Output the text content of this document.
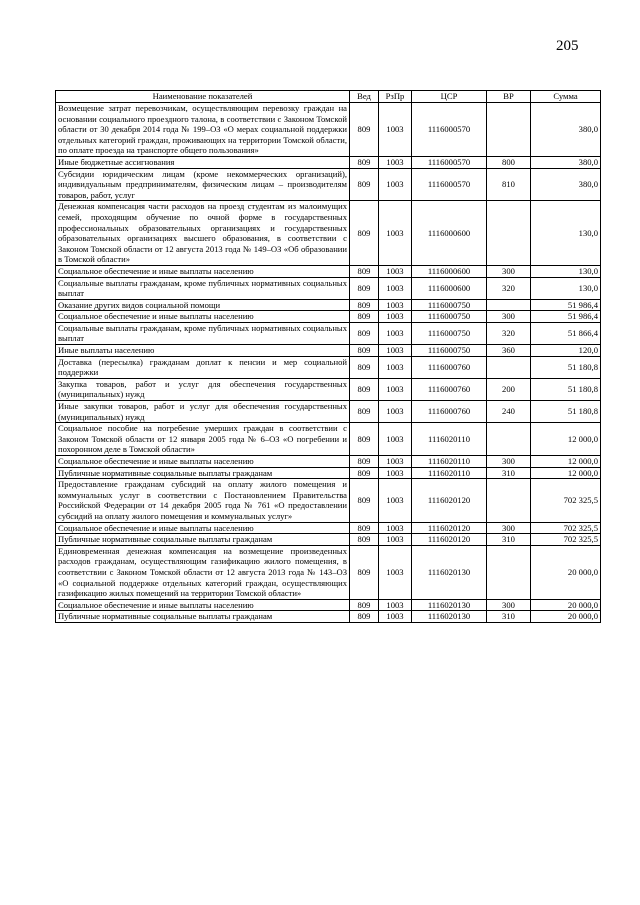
205
Наименование показателей	Вед	РзПр	ЦСР	ВР	Сумма
Возмещение затрат перевозчикам, осуществляющим перевозку граждан на основании социального проездного талона, в соответствии с Законом Томской области от 30 декабря 2014 года № 199–ОЗ «О мерах социальной поддержки отдельных категорий граждан, проживающих на территории Томской области, по оплате проезда на транспорте общего пользования»	809	1003	1116000570		380,0
Иные бюджетные ассигнования	809	1003	1116000570	800	380,0
Субсидии юридическим лицам (кроме некоммерческих организаций), индивидуальным предпринимателям, физическим лицам – производителям товаров, работ, услуг	809	1003	1116000570	810	380,0
Денежная компенсация части расходов на проезд студентам из малоимущих семей, проходящим обучение по очной форме в государственных профессиональных образовательных организациях и государственных образовательных организациях высшего образования, в соответствии с Законом Томской области от 12 августа 2013 года № 149–ОЗ «Об образовании в Томской области»	809	1003	1116000600		130,0
Социальное обеспечение и иные выплаты населению	809	1003	1116000600	300	130,0
Социальные выплаты гражданам, кроме публичных нормативных социальных выплат	809	1003	1116000600	320	130,0
Оказание других видов социальной помощи	809	1003	1116000750		51 986,4
Социальное обеспечение и иные выплаты населению	809	1003	1116000750	300	51 986,4
Социальные выплаты гражданам, кроме публичных нормативных социальных выплат	809	1003	1116000750	320	51 866,4
Иные выплаты населению	809	1003	1116000750	360	120,0
Доставка (пересылка) гражданам доплат к пенсии и мер социальной поддержки	809	1003	1116000760		51 180,8
Закупка товаров, работ и услуг для обеспечения государственных (муниципальных) нужд	809	1003	1116000760	200	51 180,8
Иные закупки товаров, работ и услуг для обеспечения государственных (муниципальных) нужд	809	1003	1116000760	240	51 180,8
Социальное пособие на погребение умерших граждан в соответствии с Законом Томской области от 12 января 2005 года № 6–ОЗ «О погребении и похоронном деле в Томской области»	809	1003	1116020110		12 000,0
Социальное обеспечение и иные выплаты населению	809	1003	1116020110	300	12 000,0
Публичные нормативные социальные выплаты гражданам	809	1003	1116020110	310	12 000,0
Предоставление гражданам субсидий на оплату жилого помещения и коммунальных услуг в соответствии с Постановлением Правительства Российской Федерации от 14 декабря 2005 года № 761 «О предоставлении субсидий на оплату жилого помещения и коммунальных услуг»	809	1003	1116020120		702 325,5
Социальное обеспечение и иные выплаты населению	809	1003	1116020120	300	702 325,5
Публичные нормативные социальные выплаты гражданам	809	1003	1116020120	310	702 325,5
Единовременная денежная компенсация на возмещение произведенных расходов гражданам, осуществляющим газификацию жилого помещения, в соответствии с Законом Томской области от 12 августа 2013 года № 143–ОЗ «О социальной поддержке отдельных категорий граждан, осуществляющих газификацию жилых помещений на территории Томской области»	809	1003	1116020130		20 000,0
Социальное обеспечение и иные выплаты населению	809	1003	1116020130	300	20 000,0
Публичные нормативные социальные выплаты гражданам	809	1003	1116020130	310	20 000,0
